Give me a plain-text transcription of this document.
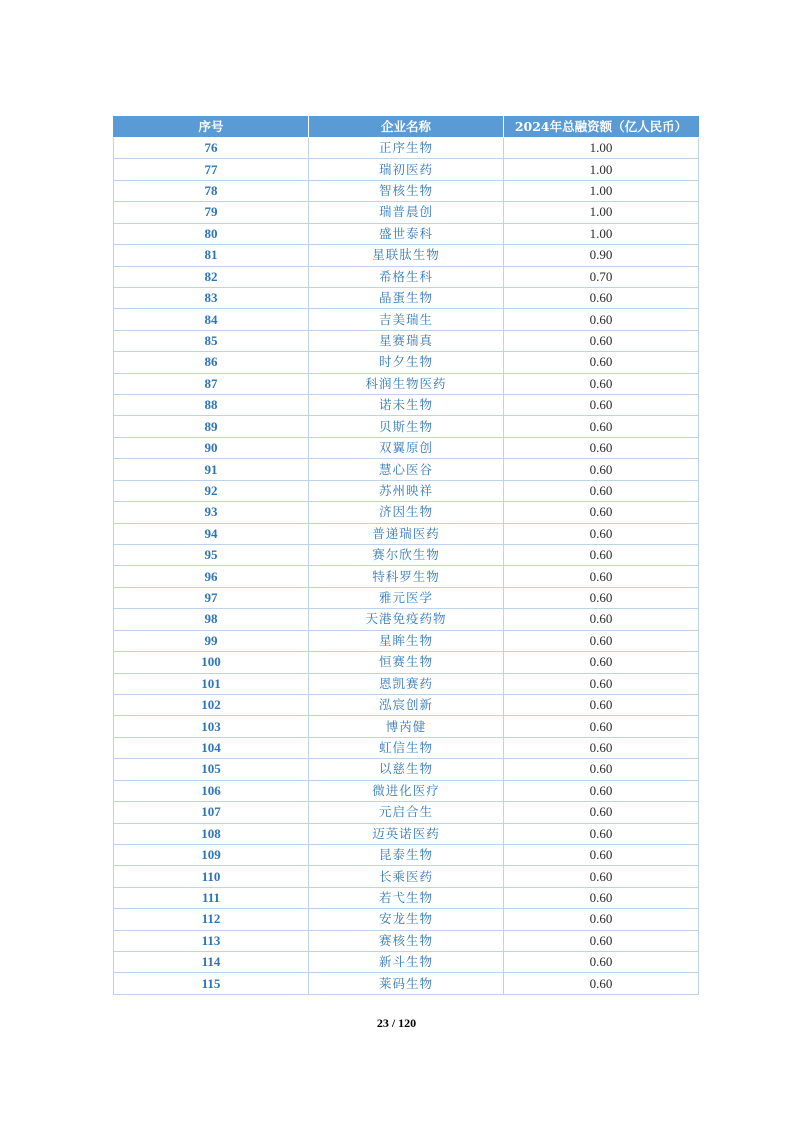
序号	企业名称	2024年总融资额（亿人民币）
76	正序生物	1.00
77	瑞初医药	1.00
78	智核生物	1.00
79	瑞普晨创	1.00
80	盛世泰科	1.00
81	星联肽生物	0.90
82	希格生科	0.70
83	晶蛋生物	0.60
84	吉美瑞生	0.60
85	星赛瑞真	0.60
86	时夕生物	0.60
87	科润生物医药	0.60
88	诺未生物	0.60
89	贝斯生物	0.60
90	双翼原创	0.60
91	慧心医谷	0.60
92	苏州映祥	0.60
93	济因生物	0.60
94	普递瑞医药	0.60
95	赛尔欣生物	0.60
96	特科罗生物	0.60
97	雅元医学	0.60
98	天港免疫药物	0.60
99	星眸生物	0.60
100	恒赛生物	0.60
101	恩凯赛药	0.60
102	泓宸创新	0.60
103	博芮健	0.60
104	虹信生物	0.60
105	以慈生物	0.60
106	微进化医疗	0.60
107	元启合生	0.60
108	迈英诺医药	0.60
109	昆泰生物	0.60
110	长乘医药	0.60
111	若弋生物	0.60
112	安龙生物	0.60
113	赛核生物	0.60
114	新斗生物	0.60
115	莱码生物	0.60
23 / 120
